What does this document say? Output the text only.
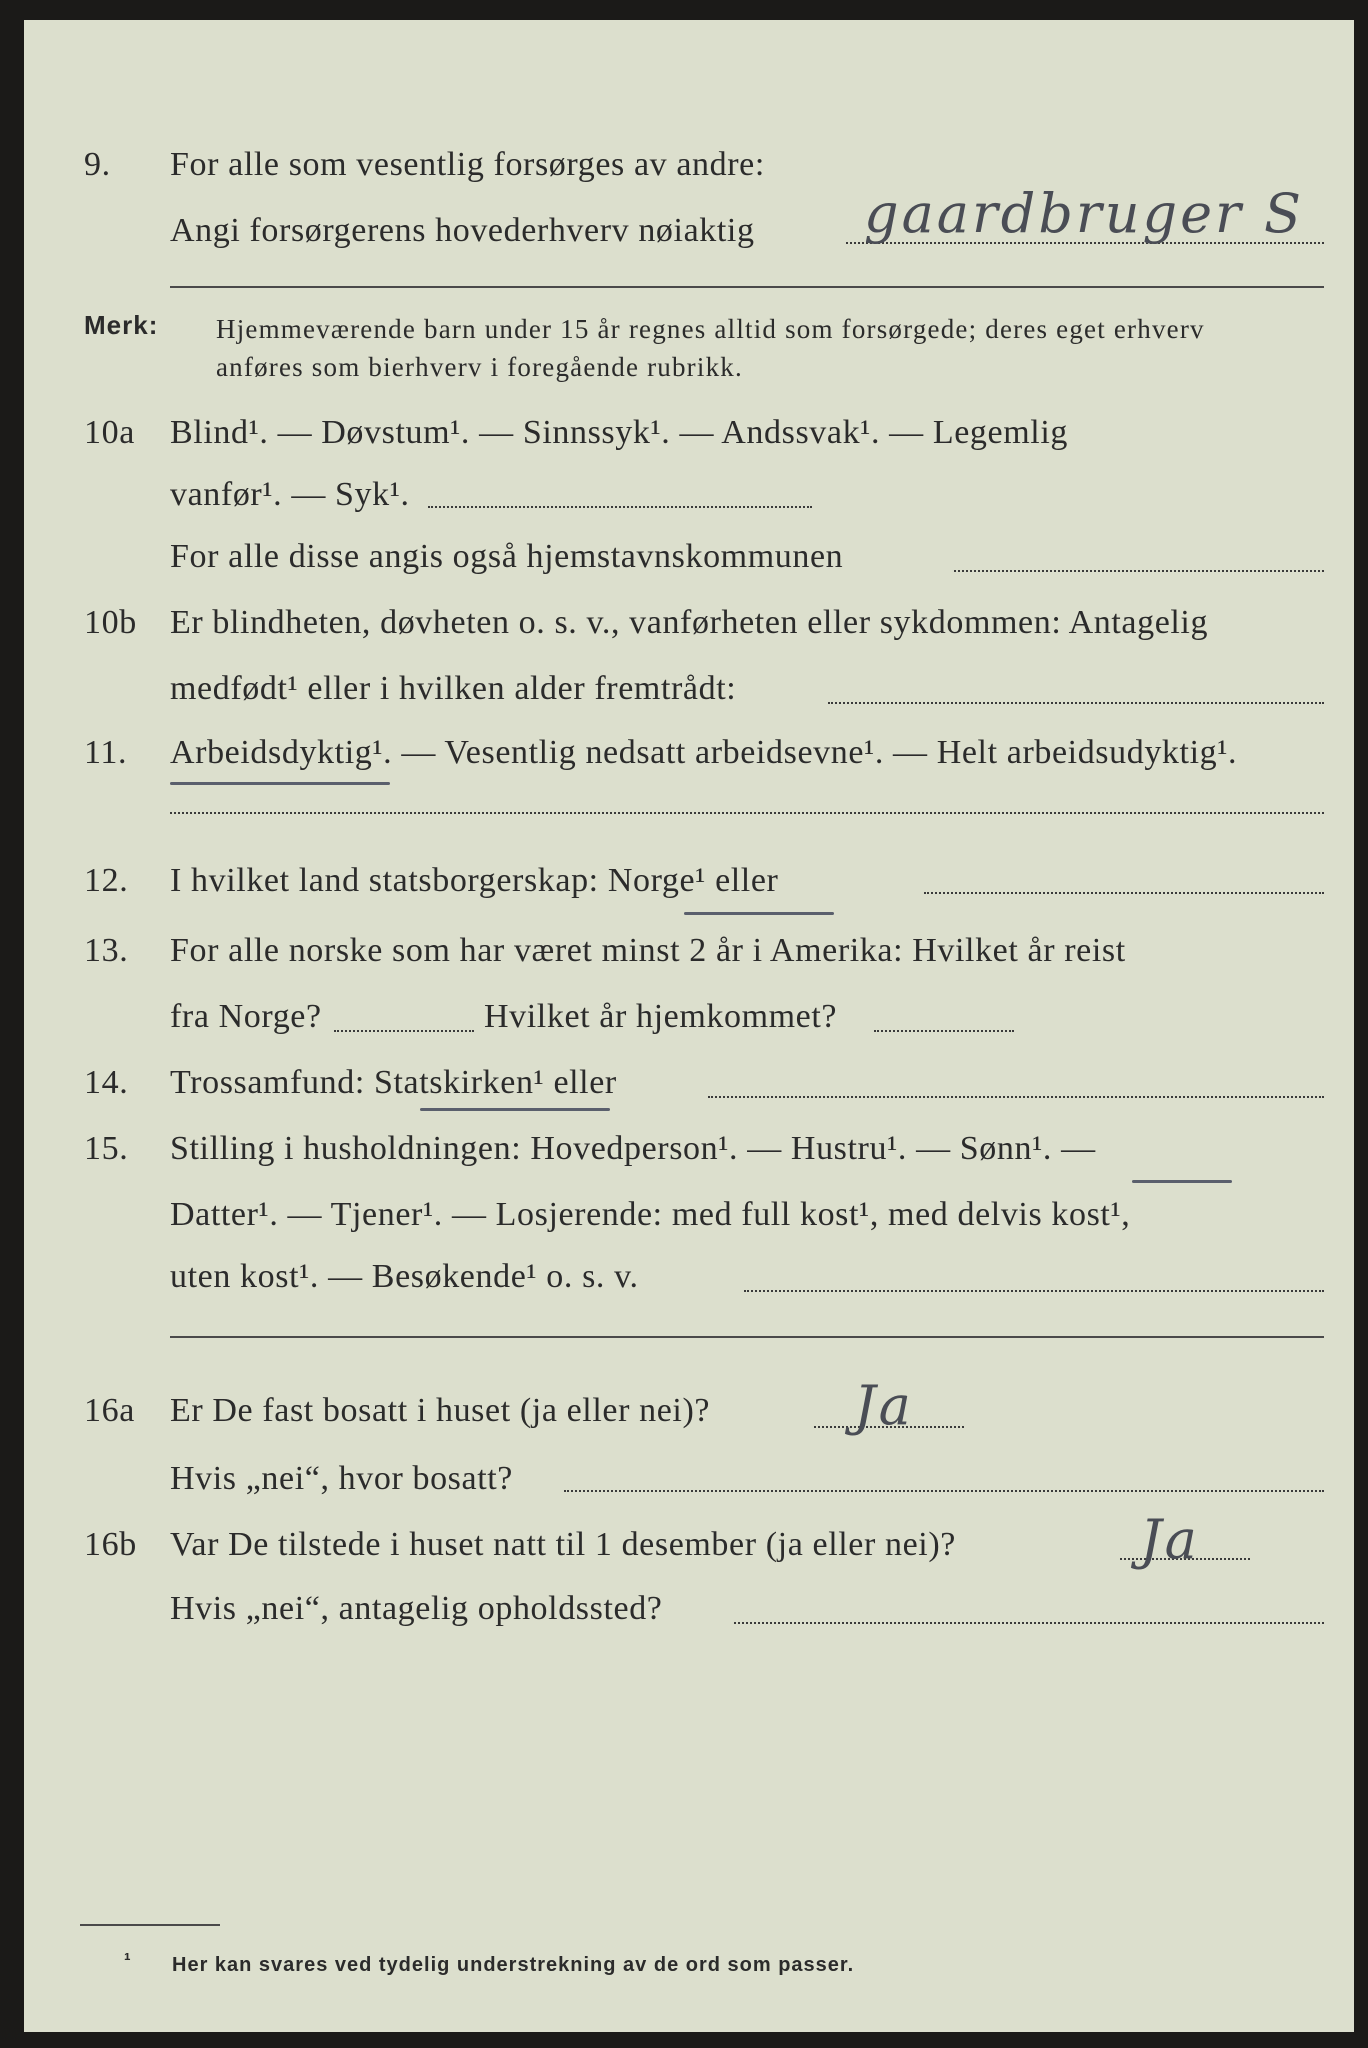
9. For alle som vesentlig forsørges av andre:
Angi forsørgerens hovederhverv nøiaktig gaardbruger S
Merk: Hjemmeværende barn under 15 år regnes alltid som forsørgede; deres eget erhverv
anføres som bierhverv i foregående rubrikk.
10a Blind¹. — Døvstum¹. — Sinnssyk¹. — Andssvak¹. — Legemlig
vanfør¹. — Syk¹.
For alle disse angis også hjemstavnskommunen
10b Er blindheten, døvheten o. s. v., vanførheten eller sykdommen: Antagelig
medfødt¹ eller i hvilken alder fremtrådt:
11. Arbeidsdyktig¹. — Vesentlig nedsatt arbeidsevne¹. — Helt arbeidsudyktig¹.
12. I hvilket land statsborgerskap: Norge¹ eller
13. For alle norske som har været minst 2 år i Amerika: Hvilket år reist
fra Norge?	Hvilket år hjemkommet?
14. Trossamfund: Statskirken¹ eller
15. Stilling i husholdningen: Hovedperson¹. — Hustru¹. — Sønn¹. —
Datter¹. — Tjener¹. — Losjerende: med full kost¹, med delvis kost¹,
uten kost¹. — Besøkende¹ o. s. v.
16a Er De fast bosatt i huset (ja eller nei)?	Ja
Hvis „nei“, hvor bosatt?
16b Var De tilstede i huset natt til 1 desember (ja eller nei)?	Ja
Hvis „nei“, antagelig opholdssted?
¹ Her kan svares ved tydelig understrekning av de ord som passer.
